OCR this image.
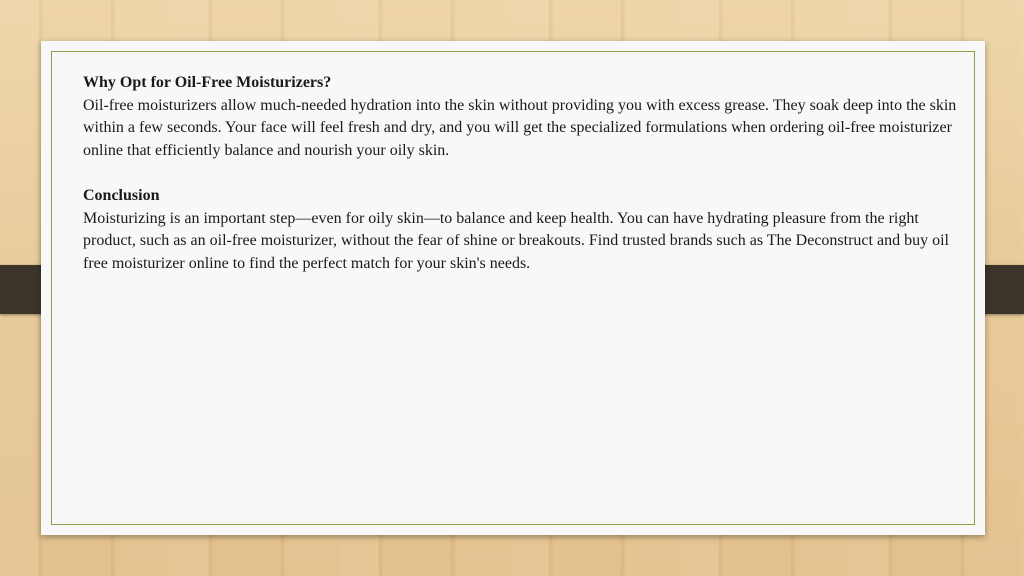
Why Opt for Oil-Free Moisturizers?
Oil-free moisturizers allow much-needed hydration into the skin without providing you with excess grease. They soak deep into the skin within a few seconds. Your face will feel fresh and dry, and you will get the specialized formulations when ordering oil-free moisturizer online that efficiently balance and nourish your oily skin.
Conclusion
Moisturizing is an important step—even for oily skin—to balance and keep health. You can have hydrating pleasure from the right product, such as an oil-free moisturizer, without the fear of shine or breakouts. Find trusted brands such as The Deconstruct and buy oil free moisturizer online to find the perfect match for your skin's needs.
